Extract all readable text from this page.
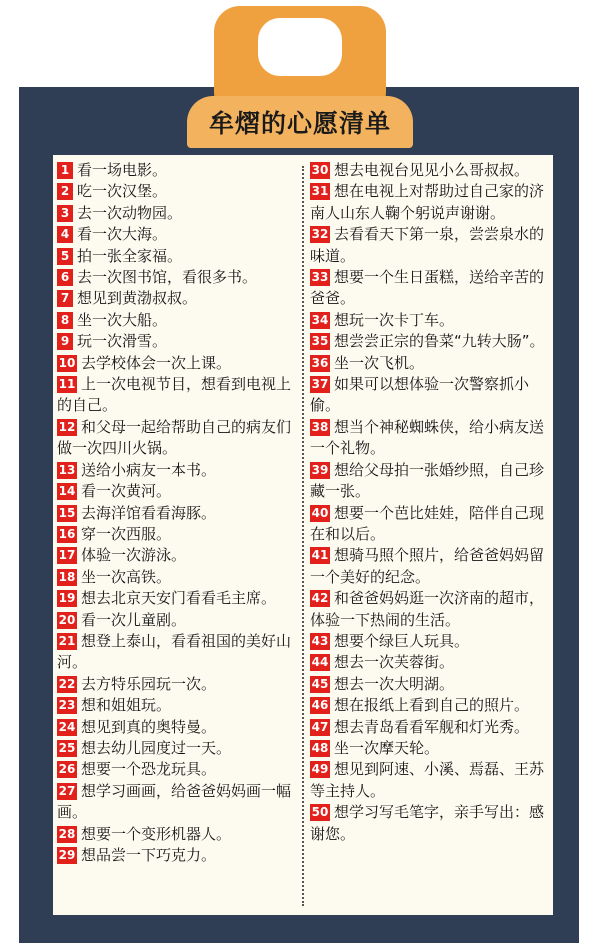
牟熠的心愿清单
1 看一场电影。
2 吃一次汉堡。
3 去一次动物园。
4 看一次大海。
5 拍一张全家福。
6 去一次图书馆，看很多书。
7 想见到黄渤叔叔。
8 坐一次大船。
9 玩一次滑雪。
10 去学校体会一次上课。
11 上一次电视节目，想看到电视上的自己。
12 和父母一起给帮助自己的病友们做一次四川火锅。
13 送给小病友一本书。
14 看一次黄河。
15 去海洋馆看看海豚。
16 穿一次西服。
17 体验一次游泳。
18 坐一次高铁。
19 想去北京天安门看看毛主席。
20 看一次儿童剧。
21 想登上泰山，看看祖国的美好山河。
22 去方特乐园玩一次。
23 想和姐姐玩。
24 想见到真的奥特曼。
25 想去幼儿园度过一天。
26 想要一个恐龙玩具。
27 想学习画画，给爸爸妈妈画一幅画。
28 想要一个变形机器人。
29 想品尝一下巧克力。
30 想去电视台见见小么哥叔叔。
31 想在电视上对帮助过自己家的济南人山东人鞠个躬说声谢谢。
32 去看看天下第一泉，尝尝泉水的味道。
33 想要一个生日蛋糕，送给辛苦的爸爸。
34 想玩一次卡丁车。
35 想尝尝正宗的鲁菜“九转大肠”。
36 坐一次飞机。
37 如果可以想体验一次警察抓小偷。
38 想当个神秘蜘蛛侠，给小病友送一个礼物。
39 想给父母拍一张婚纱照，自己珍藏一张。
40 想要一个芭比娃娃，陪伴自己现在和以后。
41 想骑马照个照片，给爸爸妈妈留一个美好的纪念。
42 和爸爸妈妈逛一次济南的超市，体验一下热闹的生活。
43 想要个绿巨人玩具。
44 想去一次芙蓉街。
45 想去一次大明湖。
46 想在报纸上看到自己的照片。
47 想去青岛看看军舰和灯光秀。
48 坐一次摩天轮。
49 想见到阿速、小溪、焉磊、王苏等主持人。
50 想学习写毛笔字，亲手写出：感谢您。
